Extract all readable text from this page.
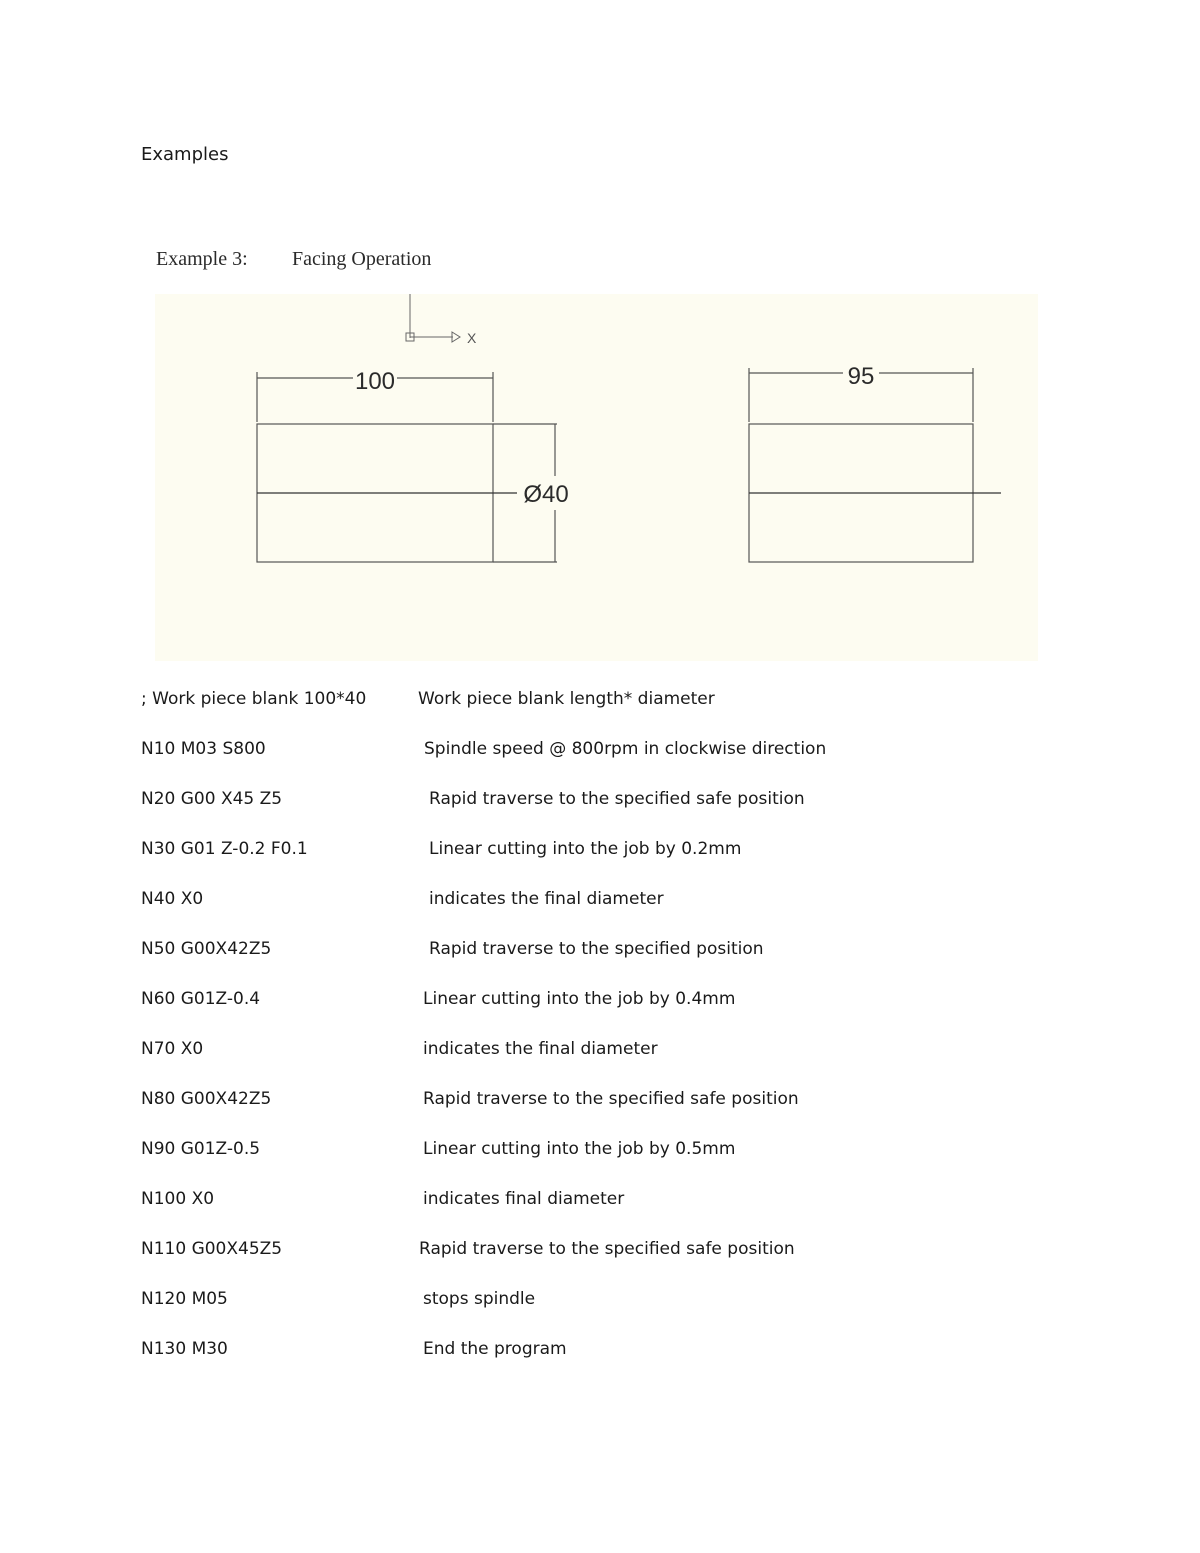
Examples
Example 3: Facing Operation
X
100
Ø40
95
; Work piece blank 100*40	Work piece blank length* diameter
N10 M03 S800	Spindle speed @ 800rpm in clockwise direction
N20 G00 X45 Z5	Rapid traverse to the specified safe position
N30 G01 Z-0.2 F0.1	Linear cutting into the job by 0.2mm
N40 X0	indicates the final diameter
N50 G00X42Z5	Rapid traverse to the specified position
N60 G01Z-0.4	Linear cutting into the job by 0.4mm
N70 X0	indicates the final diameter
N80 G00X42Z5	Rapid traverse to the specified safe position
N90 G01Z-0.5	Linear cutting into the job by 0.5mm
N100 X0	indicates final diameter
N110 G00X45Z5	Rapid traverse to the specified safe position
N120 M05	stops spindle
N130 M30	End the program
